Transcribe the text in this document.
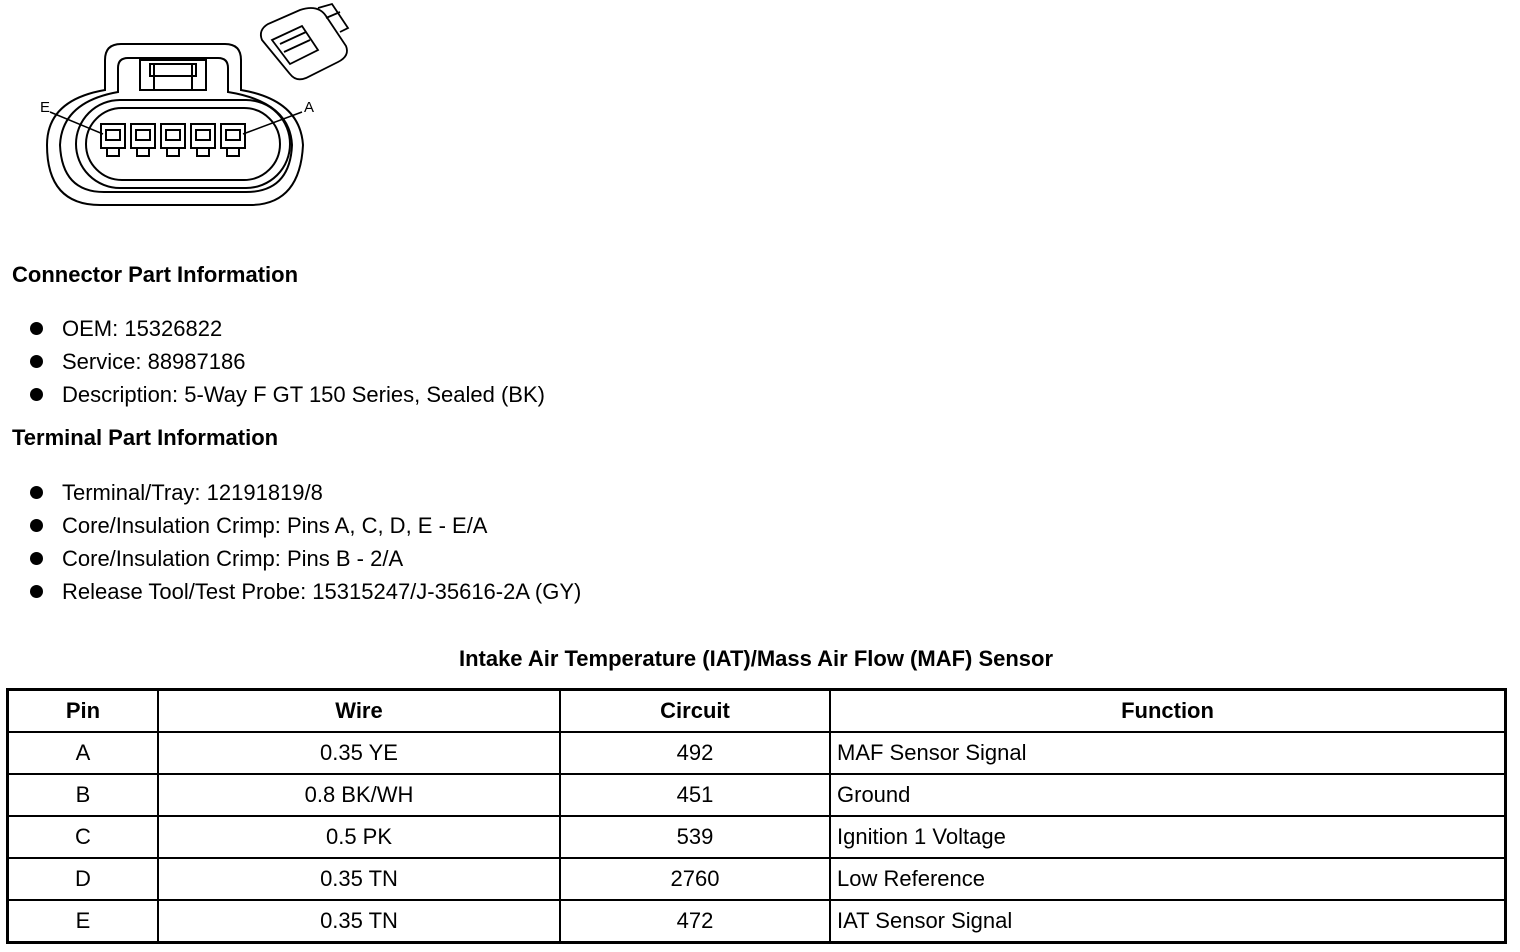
E	A
Connector Part Information
OEM: 15326822
Service: 88987186
Description: 5-Way F GT 150 Series, Sealed (BK)
Terminal Part Information
Terminal/Tray: 12191819/8
Core/Insulation Crimp: Pins A, C, D, E - E/A
Core/Insulation Crimp: Pins B - 2/A
Release Tool/Test Probe: 15315247/J-35616-2A (GY)
Intake Air Temperature (IAT)/Mass Air Flow (MAF) Sensor
Pin	Wire	Circuit	Function
A	0.35 YE	492	MAF Sensor Signal
B	0.8 BK/WH	451	Ground
C	0.5 PK	539	Ignition 1 Voltage
D	0.35 TN	2760	Low Reference
E	0.35 TN	472	IAT Sensor Signal
